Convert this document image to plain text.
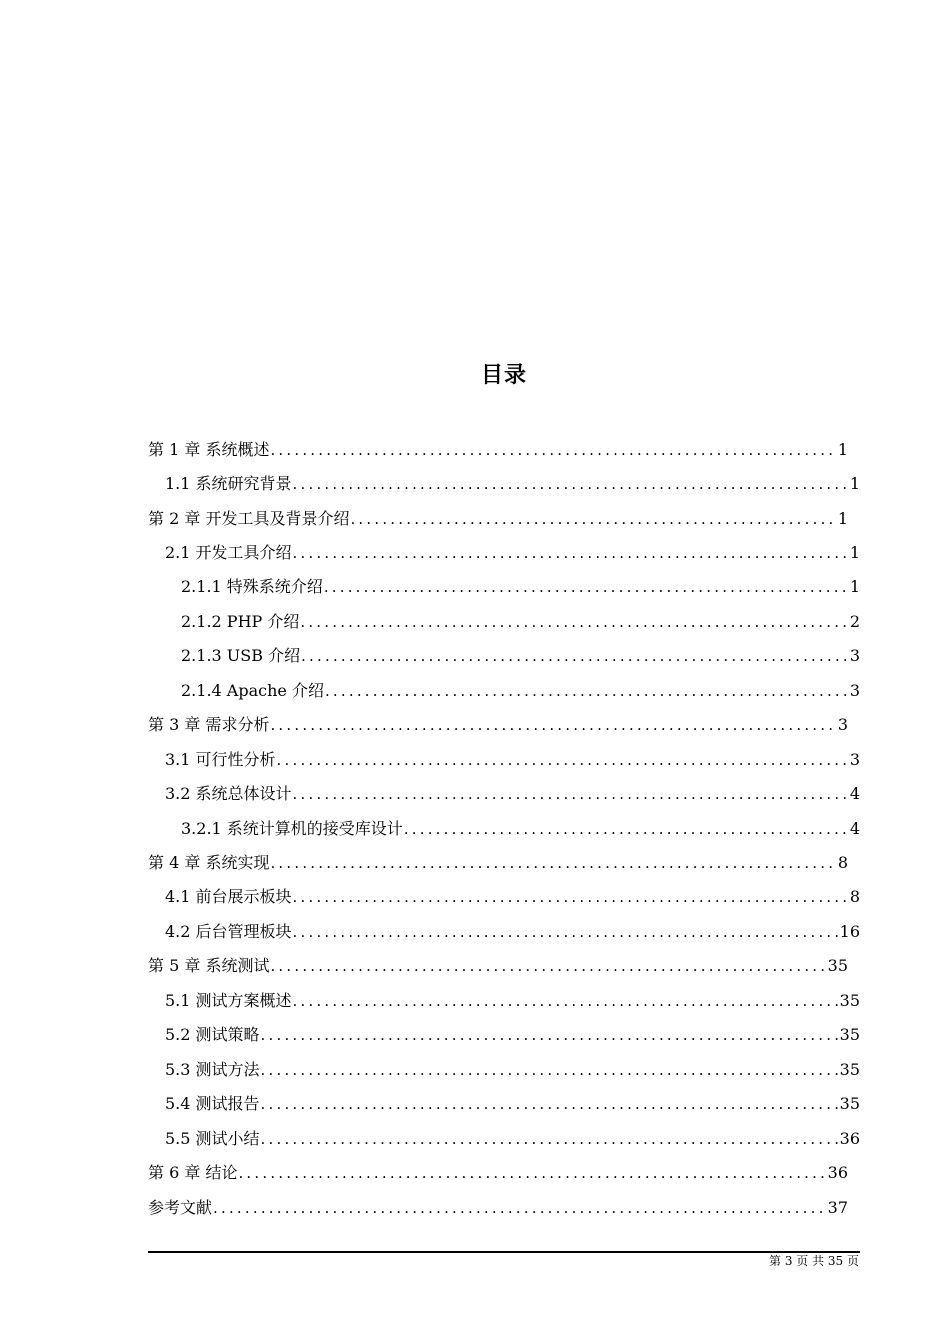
目录
第 1 章 系统概述 .....	1
1.1 系统研究背景 .....	1
第 2 章 开发工具及背景介绍 .....	1
2.1 开发工具介绍 .....	1
2.1.1 特殊系统介绍 .....	1
2.1.2 PHP 介绍 .....	2
2.1.3 USB 介绍 .....	3
2.1.4 Apache 介绍 .....	3
第 3 章 需求分析 .....	3
3.1 可行性分析 .....	3
3.2 系统总体设计 .....	4
3.2.1 系统计算机的接受库设计 .....	4
第 4 章 系统实现 .....	8
4.1 前台展示板块 .....	8
4.2 后台管理板块 .....	16
第 5 章 系统测试 .....	35
5.1 测试方案概述 .....	35
5.2 测试策略 .....	35
5.3 测试方法 .....	35
5.4 测试报告 .....	35
5.5 测试小结 .....	36
第 6 章 结论 .....	36
参考文献 .....	37
第 3 页 共 35 页
